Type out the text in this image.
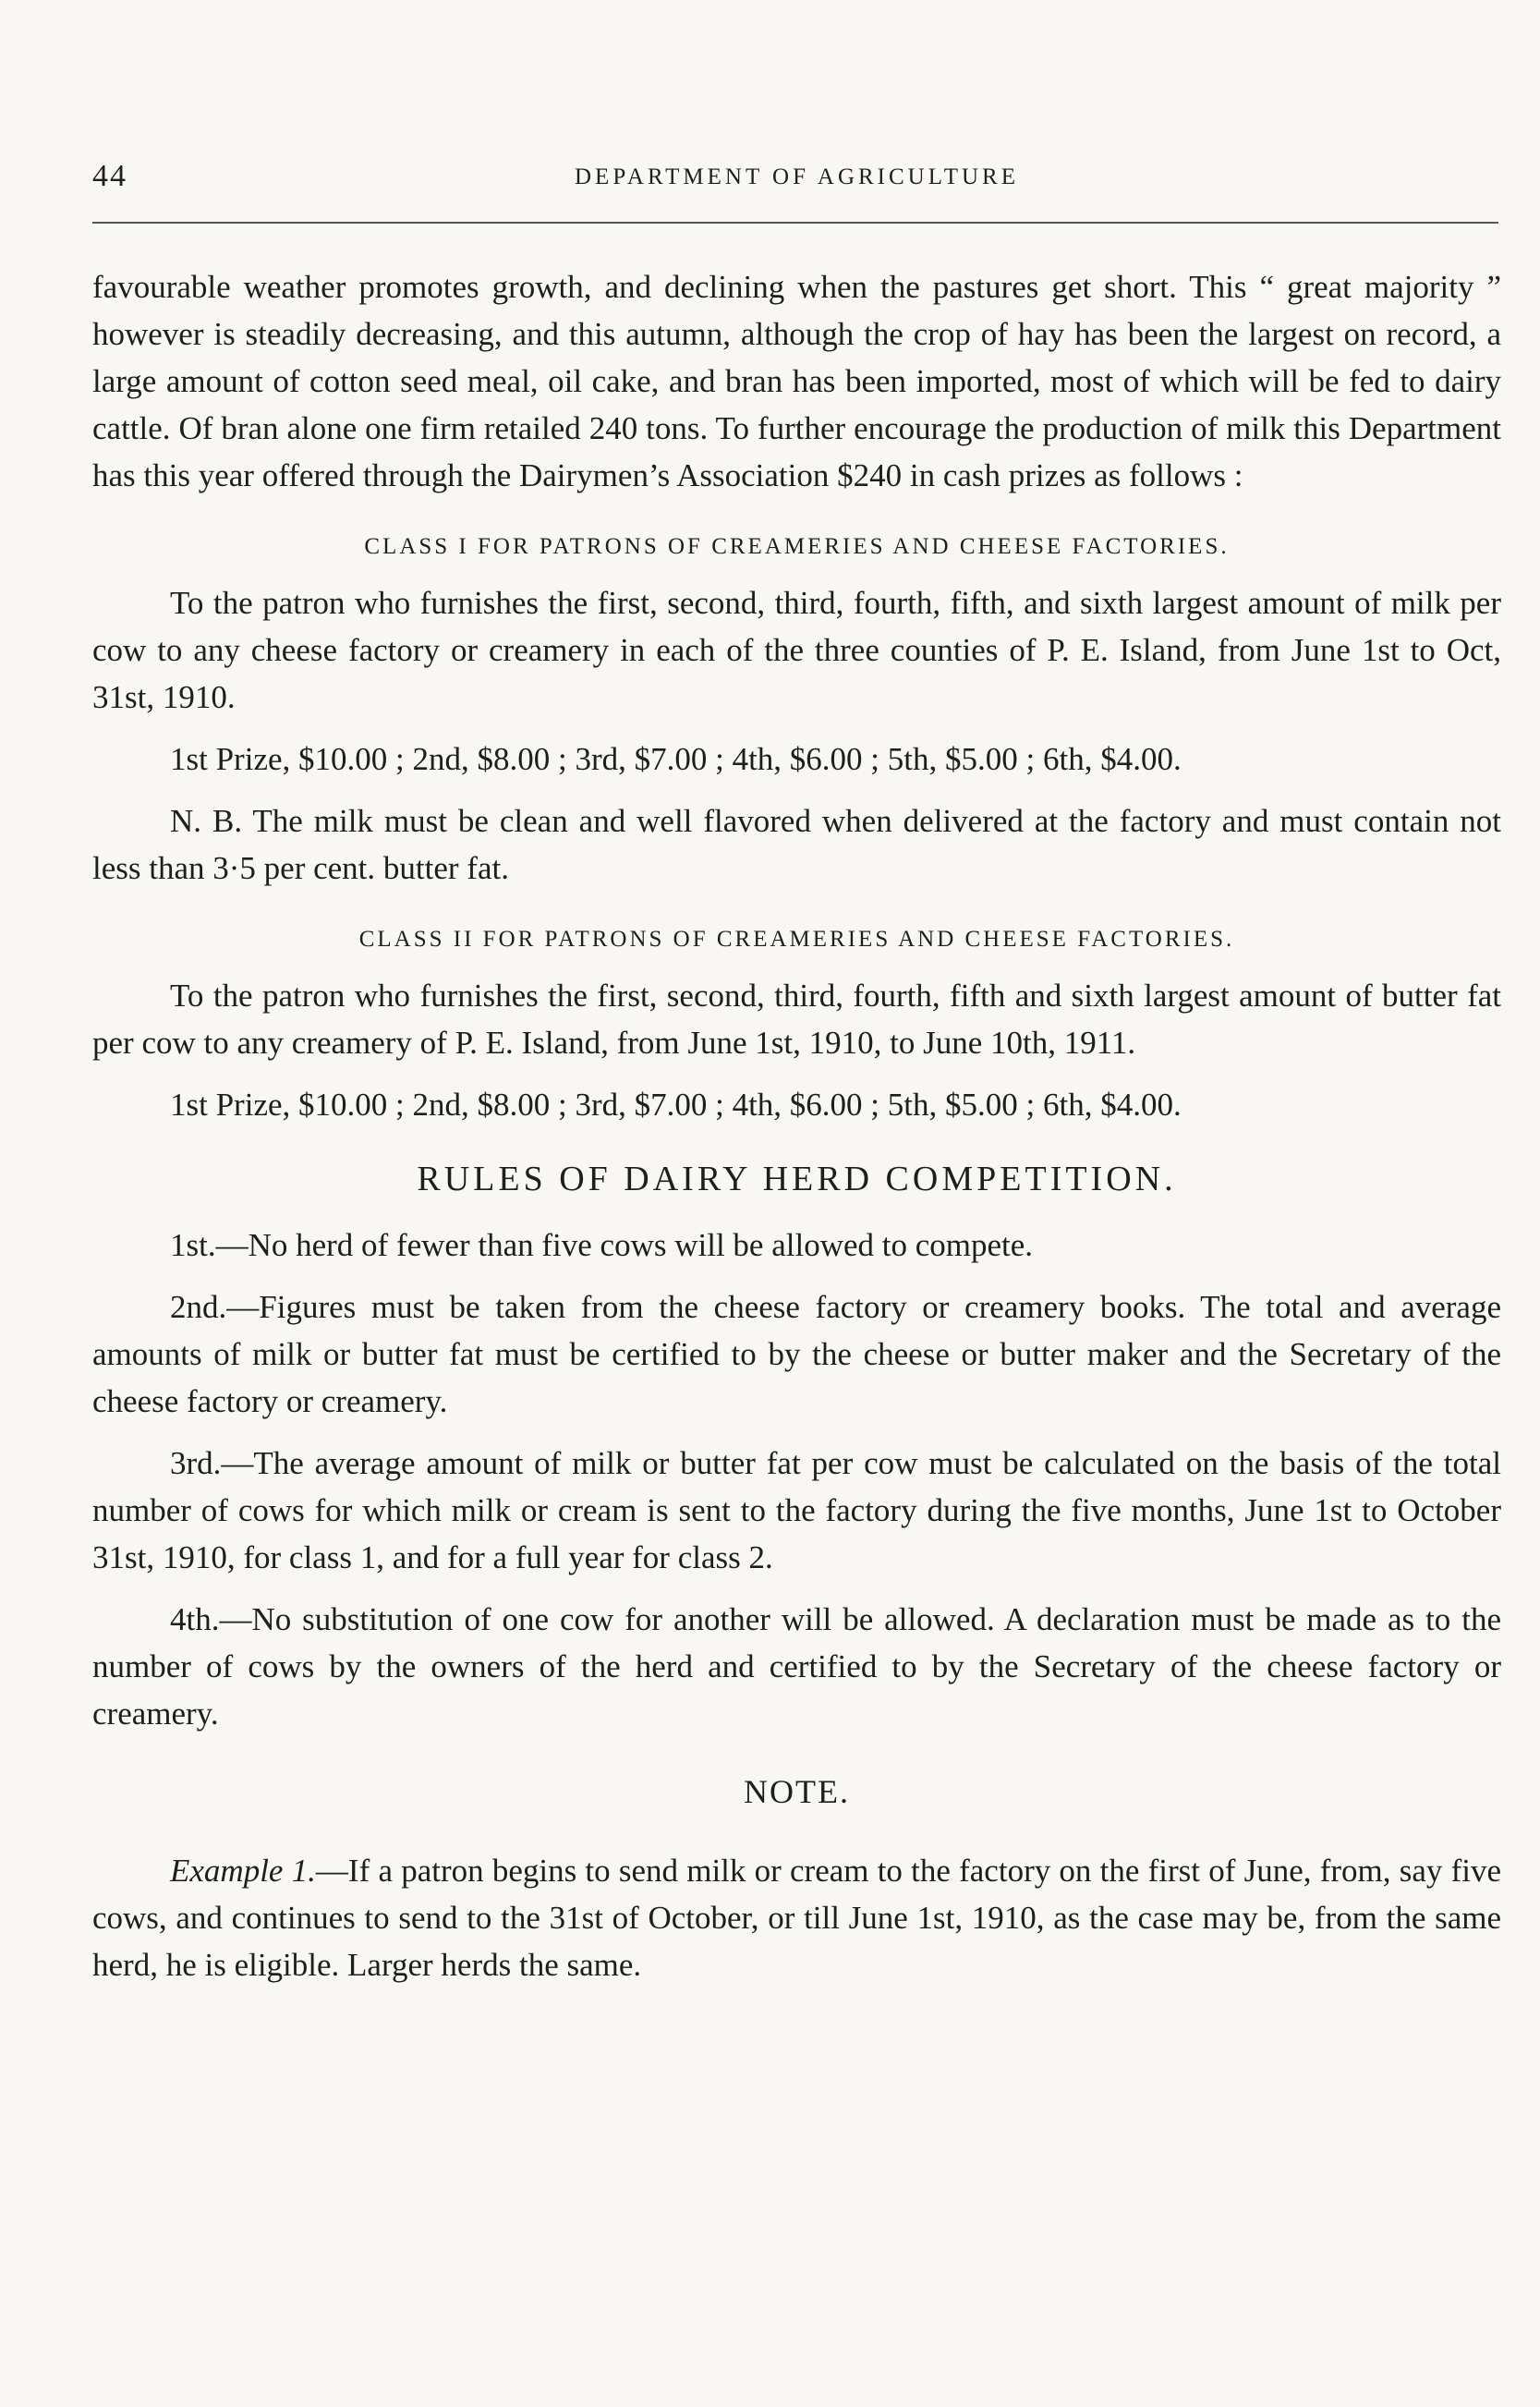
44	DEPARTMENT OF AGRICULTURE

favourable weather promotes growth, and declining when the pastures get short. This “ great majority ” however is steadily decreasing, and this autumn, although the crop of hay has been the largest on record, a large amount of cotton seed meal, oil cake, and bran has been imported, most of which will be fed to dairy cattle. Of bran alone one firm retailed 240 tons. To further encourage the production of milk this Department has this year offered through the Dairymen’s Association $240 in cash prizes as follows :

CLASS I FOR PATRONS OF CREAMERIES AND CHEESE FACTORIES.

To the patron who furnishes the first, second, third, fourth, fifth, and sixth largest amount of milk per cow to any cheese factory or creamery in each of the three counties of P. E. Island, from June 1st to Oct, 31st, 1910.

1st Prize, $10.00 ; 2nd, $8.00 ; 3rd, $7.00 ; 4th, $6.00 ; 5th, $5.00 ; 6th, $4.00.

N. B. The milk must be clean and well flavored when delivered at the factory and must contain not less than 3·5 per cent. butter fat.

CLASS II FOR PATRONS OF CREAMERIES AND CHEESE FACTORIES.

To the patron who furnishes the first, second, third, fourth, fifth and sixth largest amount of butter fat per cow to any creamery of P. E. Island, from June 1st, 1910, to June 10th, 1911.

1st Prize, $10.00 ; 2nd, $8.00 ; 3rd, $7.00 ; 4th, $6.00 ; 5th, $5.00 ; 6th, $4.00.

RULES OF DAIRY HERD COMPETITION.

1st.—No herd of fewer than five cows will be allowed to compete.

2nd.—Figures must be taken from the cheese factory or creamery books. The total and average amounts of milk or butter fat must be certified to by the cheese or butter maker and the Secretary of the cheese factory or creamery.

3rd.—The average amount of milk or butter fat per cow must be calculated on the basis of the total number of cows for which milk or cream is sent to the factory during the five months, June 1st to October 31st, 1910, for class 1, and for a full year for class 2.

4th.—No substitution of one cow for another will be allowed. A declaration must be made as to the number of cows by the owners of the herd and certified to by the Secretary of the cheese factory or creamery.

NOTE.

Example 1.—If a patron begins to send milk or cream to the factory on the first of June, from, say five cows, and continues to send to the 31st of October, or till June 1st, 1910, as the case may be, from the same herd, he is eligible. Larger herds the same.
